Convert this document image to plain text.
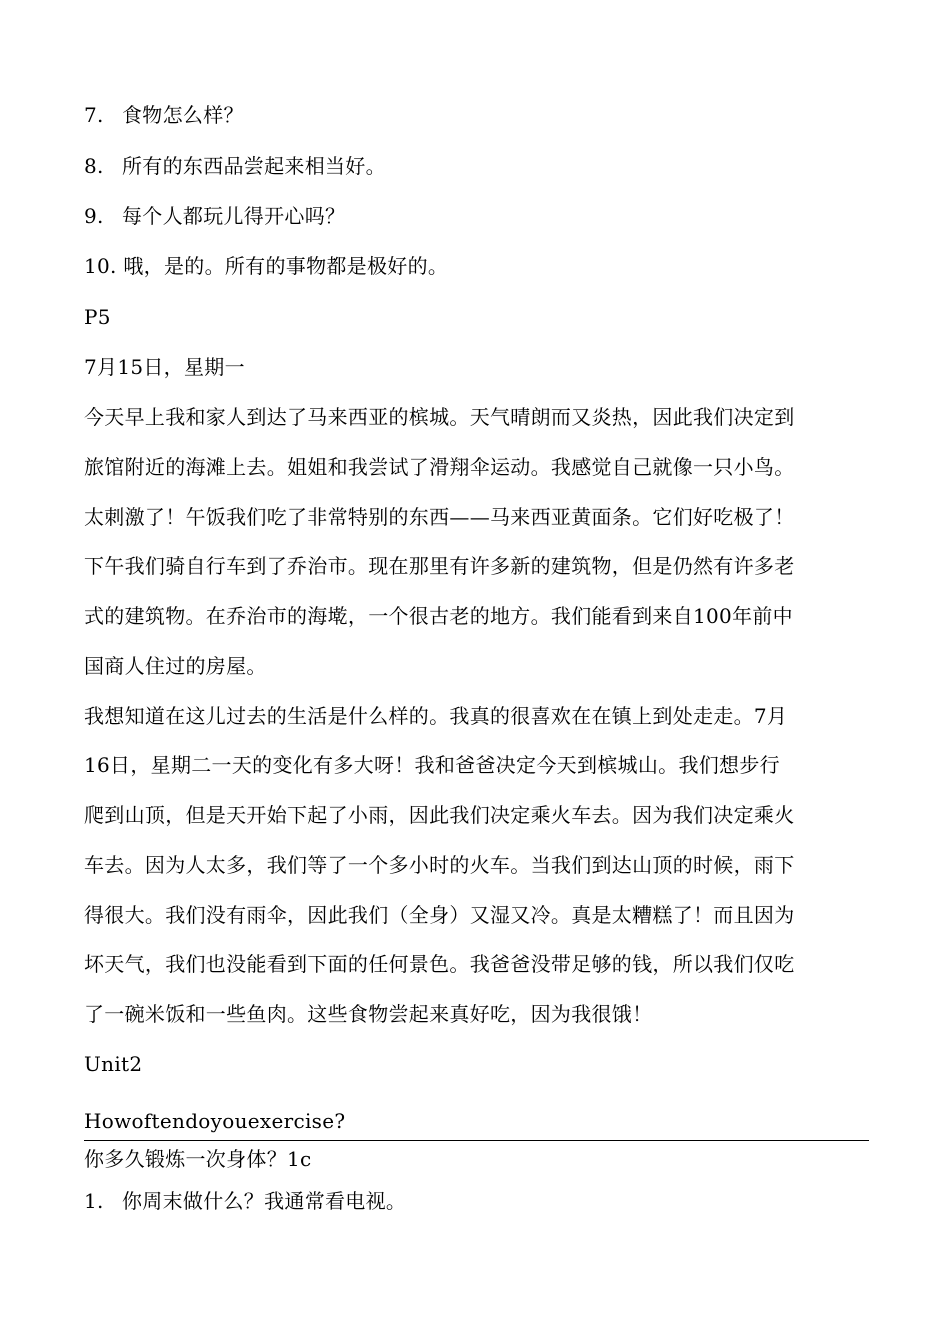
7. 食物怎么样？
8. 所有的东西品尝起来相当好。
9. 每个人都玩儿得开心吗？
10. 哦，是的。所有的事物都是极好的。
P5
7月15日，星期一
今天早上我和家人到达了马来西亚的槟城。天气晴朗而又炎热，因此我们决定到
旅馆附近的海滩上去。姐姐和我尝试了滑翔伞运动。我感觉自己就像一只小鸟。
太刺激了！午饭我们吃了非常特别的东西——马来西亚黄面条。它们好吃极了！
下午我们骑自行车到了乔治市。现在那里有许多新的建筑物，但是仍然有许多老
式的建筑物。在乔治市的海墘，一个很古老的地方。我们能看到来自100年前中
国商人住过的房屋。
我想知道在这儿过去的生活是什么样的。我真的很喜欢在在镇上到处走走。7月
16日，星期二一天的变化有多大呀！我和爸爸决定今天到槟城山。我们想步行
爬到山顶，但是天开始下起了小雨，因此我们决定乘火车去。因为我们决定乘火
车去。因为人太多，我们等了一个多小时的火车。当我们到达山顶的时候，雨下
得很大。我们没有雨伞，因此我们（全身）又湿又冷。真是太糟糕了！而且因为
坏天气，我们也没能看到下面的任何景色。我爸爸没带足够的钱，所以我们仅吃
了一碗米饭和一些鱼肉。这些食物尝起来真好吃，因为我很饿！
Unit2
Howoftendoyouexercise?
你多久锻炼一次身体？1c
1. 你周末做什么？我通常看电视。
